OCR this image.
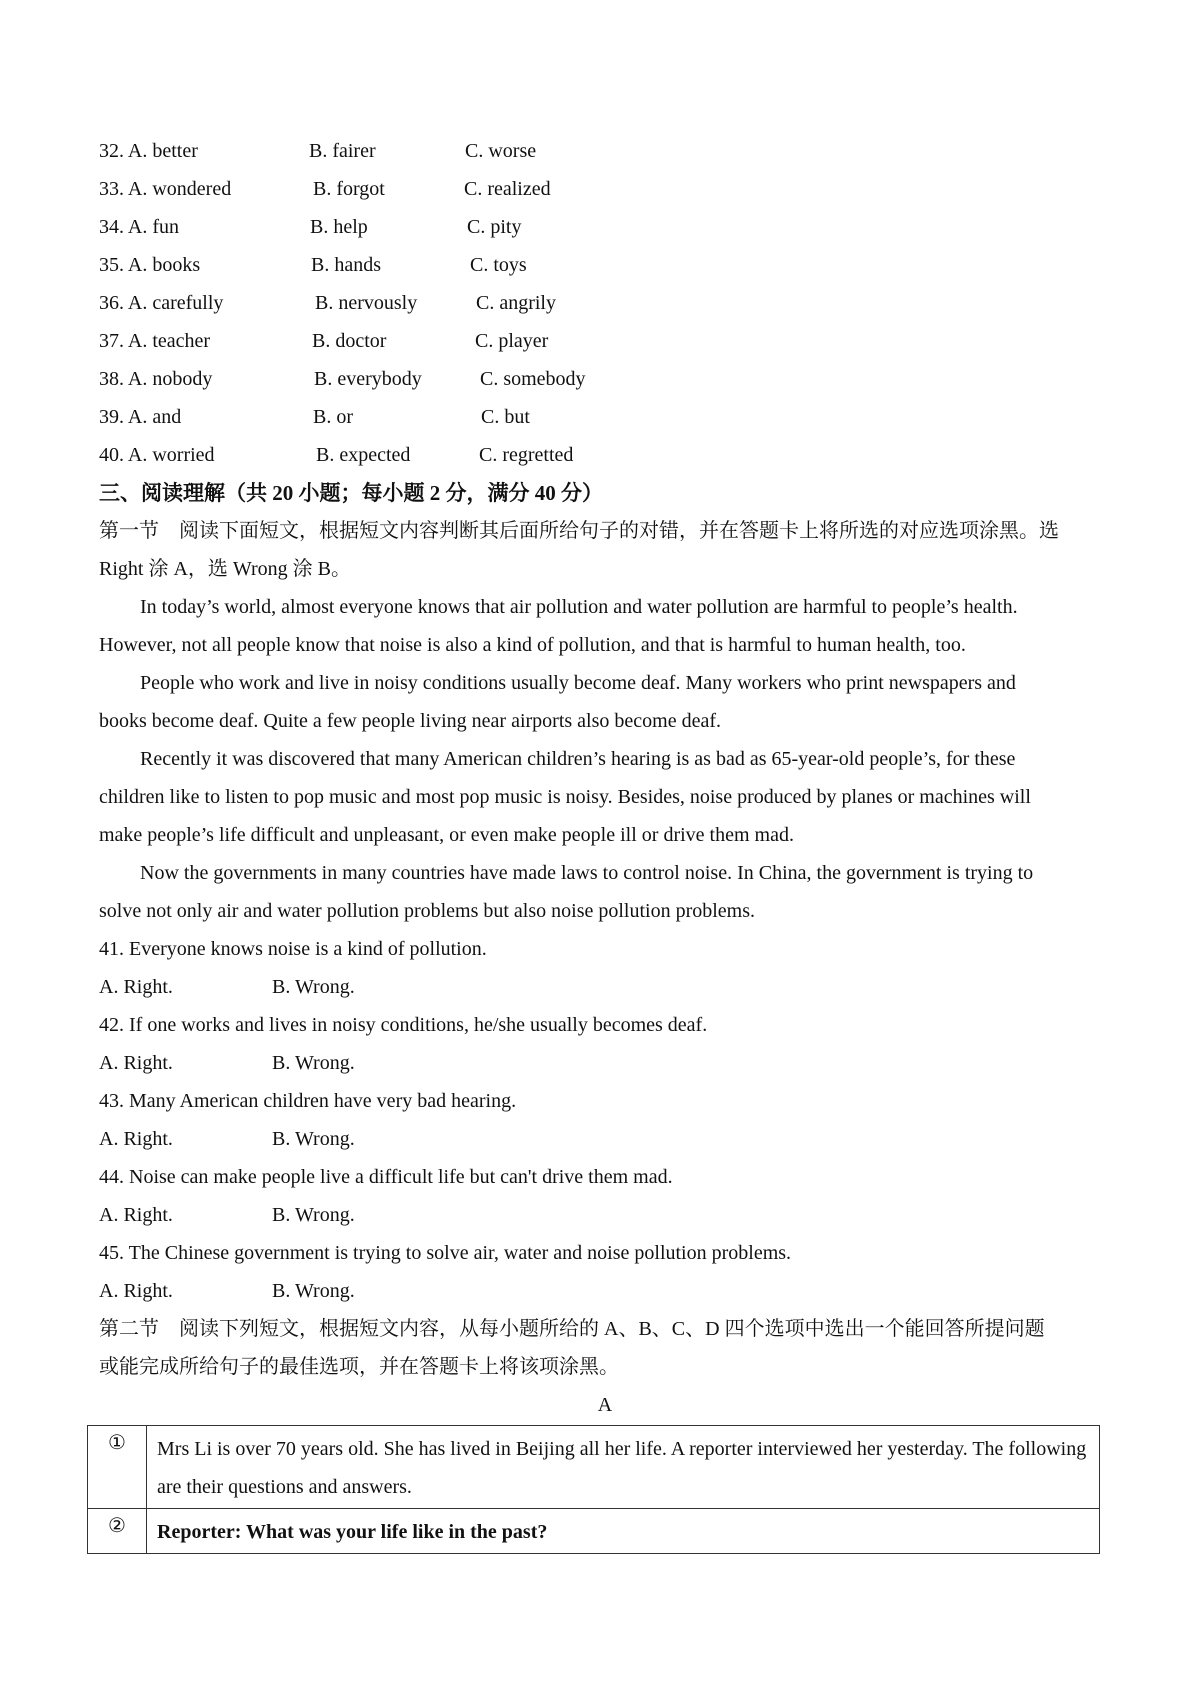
32. A. better	B. fairer	C. worse
33. A. wondered	B. forgot	C. realized
34. A. fun	B. help	C. pity
35. A. books	B. hands	C. toys
36. A. carefully	B. nervously	C. angrily
37. A. teacher	B. doctor	C. player
38. A. nobody	B. everybody	C. somebody
39. A. and	B. or	C. but
40. A. worried	B. expected	C. regretted
三、阅读理解（共 20 小题；每小题 2 分，满分 40 分）
第一节　阅读下面短文，根据短文内容判断其后面所给句子的对错，并在答题卡上将所选的对应选项涂黑。选
Right 涂 A，选 Wrong 涂 B。
In today’s world, almost everyone knows that air pollution and water pollution are harmful to people’s health.
However, not all people know that noise is also a kind of pollution, and that is harmful to human health, too.
People who work and live in noisy conditions usually become deaf. Many workers who print newspapers and
books become deaf. Quite a few people living near airports also become deaf.
Recently it was discovered that many American children’s hearing is as bad as 65-year-old people’s, for these
children like to listen to pop music and most pop music is noisy. Besides, noise produced by planes or machines will
make people’s life difficult and unpleasant, or even make people ill or drive them mad.
Now the governments in many countries have made laws to control noise. In China, the government is trying to
solve not only air and water pollution problems but also noise pollution problems.
41. Everyone knows noise is a kind of pollution.
A. Right.	B. Wrong.
42. If one works and lives in noisy conditions, he/she usually becomes deaf.
A. Right.	B. Wrong.
43. Many American children have very bad hearing.
A. Right.	B. Wrong.
44. Noise can make people live a difficult life but can't drive them mad.
A. Right.	B. Wrong.
45. The Chinese government is trying to solve air, water and noise pollution problems.
A. Right.	B. Wrong.
第二节　阅读下列短文，根据短文内容，从每小题所给的 A、B、C、D 四个选项中选出一个能回答所提问题
或能完成所给句子的最佳选项，并在答题卡上将该项涂黑。
A
①	Mrs Li is over 70 years old. She has lived in Beijing all her life. A reporter interviewed her yesterday. The following are their questions and answers.
②	Reporter: What was your life like in the past?
